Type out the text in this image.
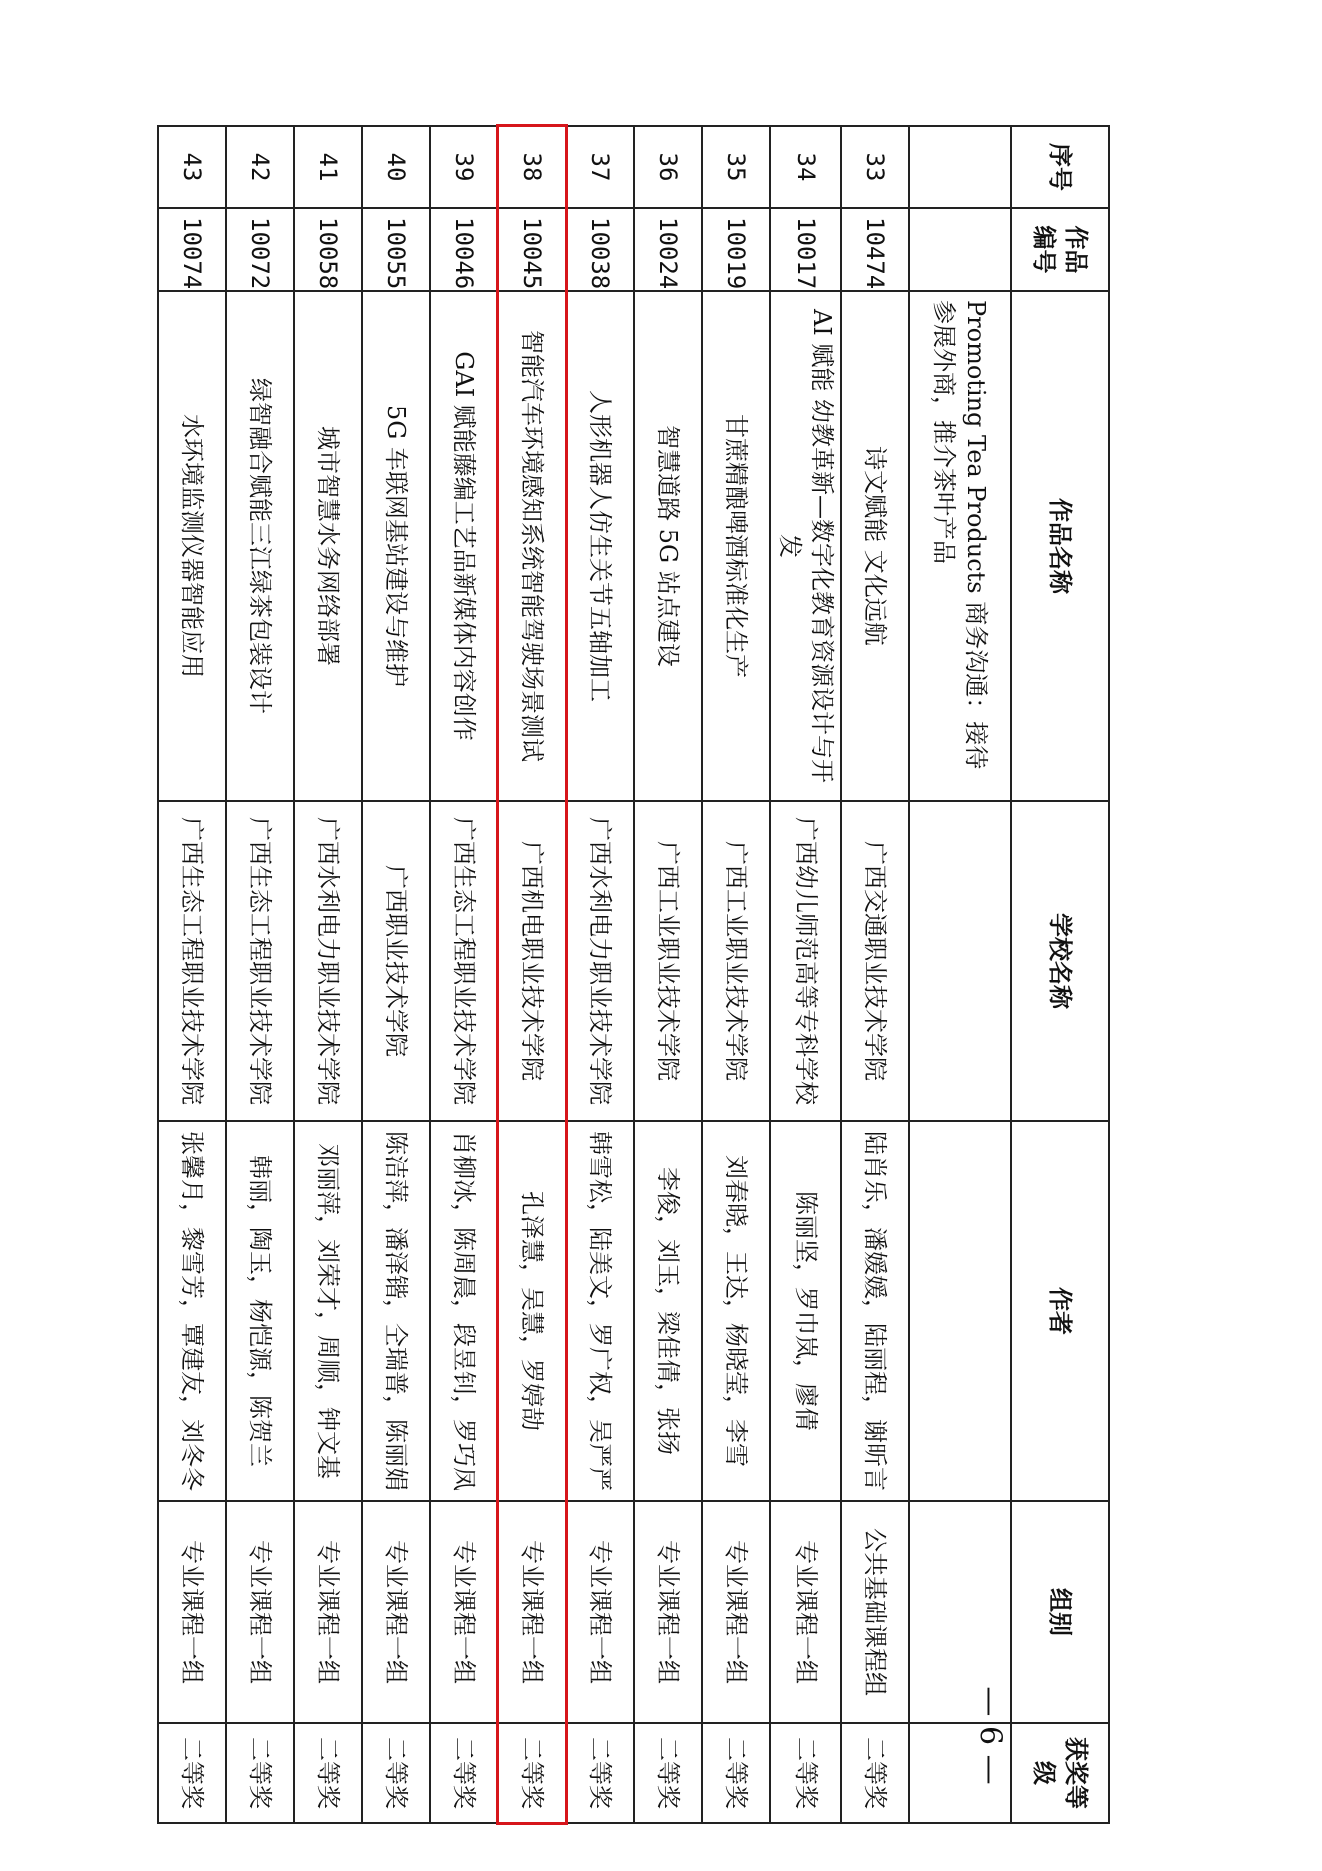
序号	作品编号	作品名称	学校名称	作者	组别	获奖等级
		Promoting Tea Products 商务沟通：接待参展外商，推介茶叶产品				
33	10474	诗文赋能 文化远航	广西交通职业技术学院	陆肖乐，潘媛媛，陆丽程，谢昕言	公共基础课程组	二等奖
34	10017	AI 赋能 幼教革新—数字化教育资源设计与开发	广西幼儿师范高等专科学校	陈丽坚，罗巾岚，廖倩	专业课程一组	二等奖
35	10019	甘蔗精酿啤酒标准化生产	广西工业职业技术学院	刘春晓，王达，杨晓莹，李雪	专业课程一组	二等奖
36	10024	智慧道路 5G 站点建设	广西工业职业技术学院	李俊，刘玉，梁佳倩，张扬	专业课程一组	二等奖
37	10038	人形机器人仿生关节五轴加工	广西水利电力职业技术学院	韩雪松，陆美文，罗广权，吴严严	专业课程一组	二等奖
38	10045	智能汽车环境感知系统智能驾驶场景测试	广西机电职业技术学院	孔泽慧，吴慧，罗婷劼	专业课程一组	二等奖
39	10046	GAI 赋能藤编工艺品新媒体内容创作	广西生态工程职业技术学院	肖柳冰，陈周晨，段昱钊，罗巧凤	专业课程一组	二等奖
40	10055	5G 车联网基站建设与维护	广西职业技术学院	陈洁萍，潘泽锴，仝瑞普，陈丽娟	专业课程一组	二等奖
41	10058	城市智慧水务网络部署	广西水利电力职业技术学院	邓丽萍，刘荣才，周顺，钟文基	专业课程一组	二等奖
42	10072	绿智融合赋能三江绿茶包装设计	广西生态工程职业技术学院	韩丽，陶玉，杨恺源，陈贺兰	专业课程一组	二等奖
43	10074	水环境监测仪器智能应用	广西生态工程职业技术学院	张馨月，黎雪芳，覃建友，刘冬冬	专业课程一组	二等奖	— 6 —
